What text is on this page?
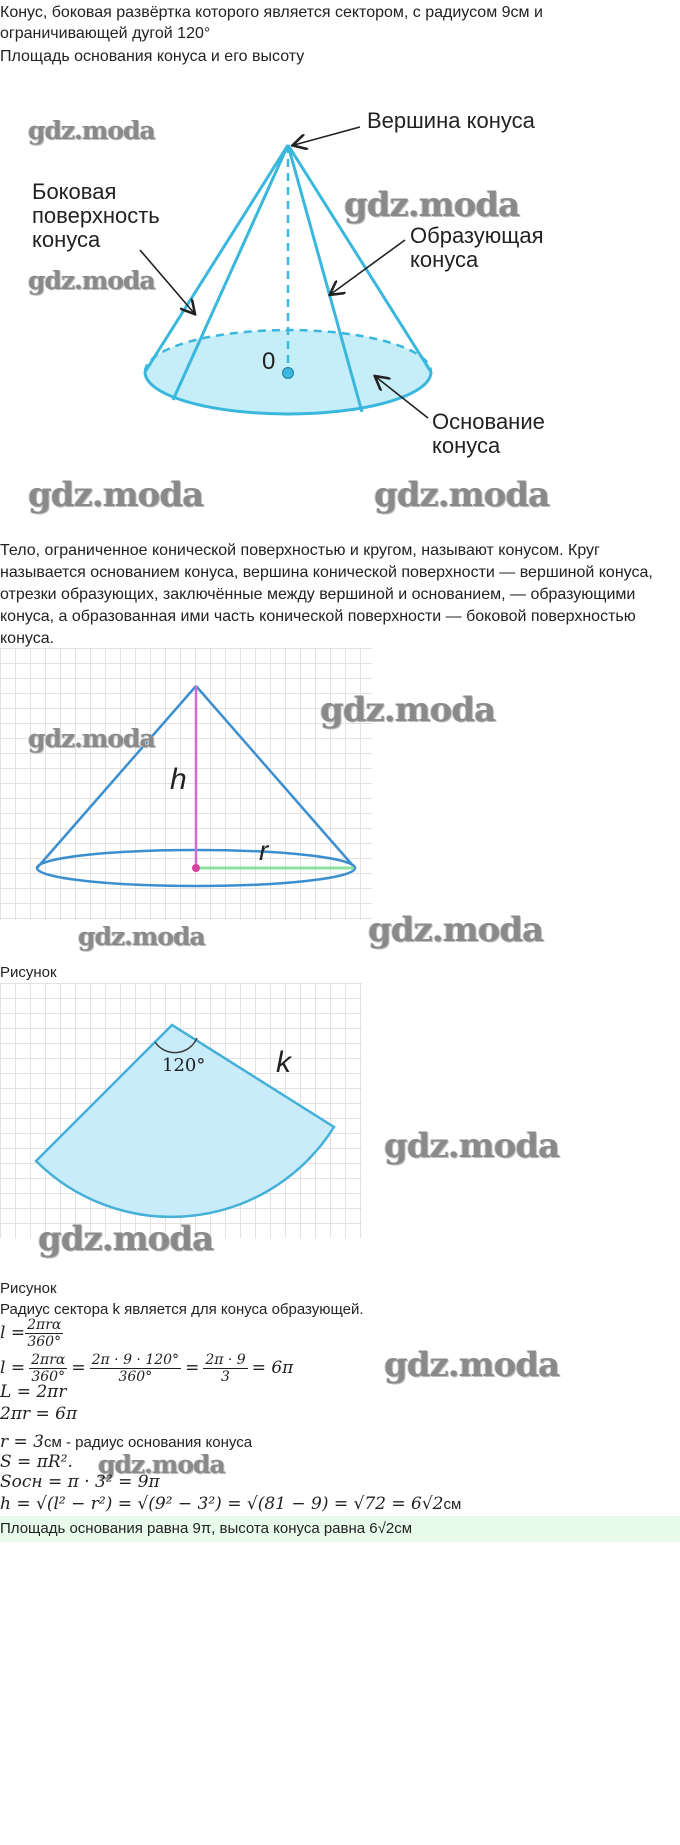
Конус, боковая развёртка которого является сектором, с радиусом 9см и
ограничивающей дугой 120°
Площадь основания конуса и его высоту
Вершина конуса
Боковая
поверхность
конуса	Образующая
конуса
0
Основание
конуса
gdz.moda
gdz.moda
gdz.moda
gdz.moda	gdz.moda
Тело, ограниченное конической поверхностью и кругом, называют конусом. Круг
называется основанием конуса, вершина конической поверхности — вершиной конуса,
отрезки образующих, заключённые между вершиной и основанием, — образующими
конуса, а образованная ими часть конической поверхности — боковой поверхностью
конуса.
h
r
gdz.moda
gdz.moda
gdz.moda	gdz.moda
Рисунок
120° k
gdz.moda
gdz.moda
Рисунок
Радиус сектора k является для конуса образующей.
$l = \frac{\text{2πrα}}{360^\circ}$
$l = \frac{\text{2πrα}}{360^\circ} = \frac{2\pi \cdot 9 \cdot 120^\circ}{360^\circ} = \frac{2\pi \cdot 9}{3} = 6\pi$	gdz.moda
L = 2πr
2πr = 6π
r = 3см - радиус основания конуса
S = πR². gdz.moda
Sосн = π · 3² = 9π
h = √(l² − r²) = √(9² − 3²) = √(81 − 9) = √72 = 6√2см
Площадь основания равна 9π, высота конуса равна 6√2см
